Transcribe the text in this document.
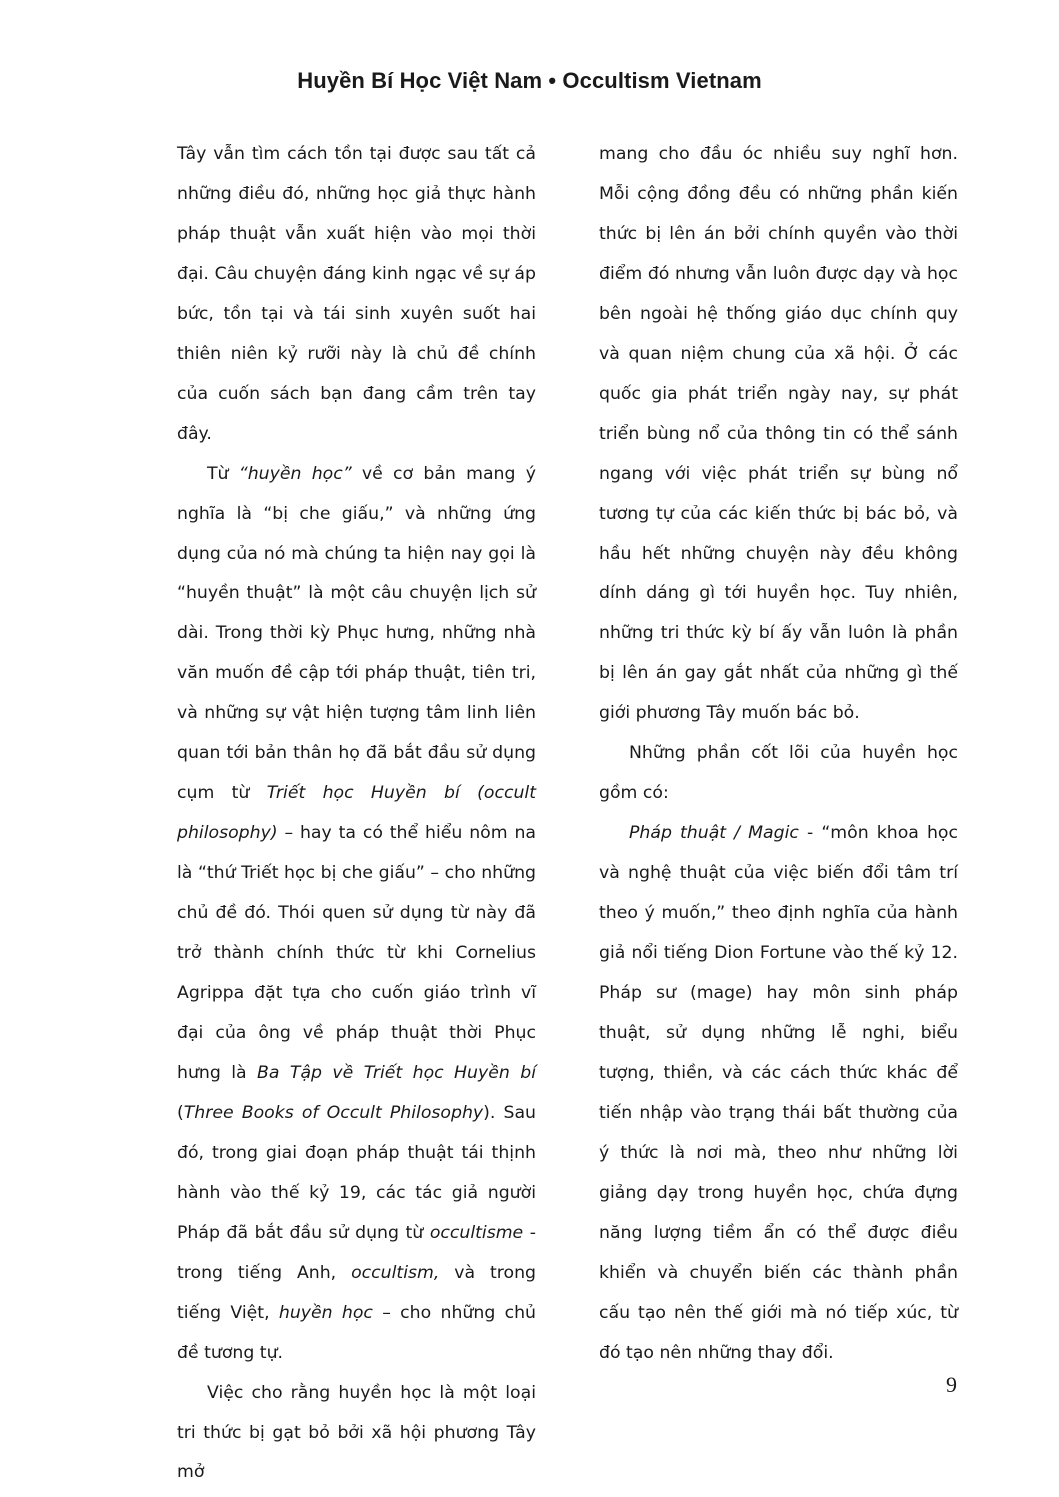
Huyền Bí Học Việt Nam • Occultism Vietnam

Tây vẫn tìm cách tồn tại được sau tất cả những điều đó, những học giả thực hành pháp thuật vẫn xuất hiện vào mọi thời đại. Câu chuyện đáng kinh ngạc về sự áp bức, tồn tại và tái sinh xuyên suốt hai thiên niên kỷ rưỡi này là chủ đề chính của cuốn sách bạn đang cầm trên tay đây.

Từ “huyền học” về cơ bản mang ý nghĩa là “bị che giấu,” và những ứng dụng của nó mà chúng ta hiện nay gọi là “huyền thuật” là một câu chuyện lịch sử dài. Trong thời kỳ Phục hưng, những nhà văn muốn đề cập tới pháp thuật, tiên tri, và những sự vật hiện tượng tâm linh liên quan tới bản thân họ đã bắt đầu sử dụng cụm từ Triết học Huyền bí (occult philosophy) – hay ta có thể hiểu nôm na là “thứ Triết học bị che giấu” – cho những chủ đề đó. Thói quen sử dụng từ này đã trở thành chính thức từ khi Cornelius Agrippa đặt tựa cho cuốn giáo trình vĩ đại của ông về pháp thuật thời Phục hưng là Ba Tập về Triết học Huyền bí (Three Books of Occult Philosophy). Sau đó, trong giai đoạn pháp thuật tái thịnh hành vào thế kỷ 19, các tác giả người Pháp đã bắt đầu sử dụng từ occultisme - trong tiếng Anh, occultism, và trong tiếng Việt, huyền học – cho những chủ đề tương tự.

Việc cho rằng huyền học là một loại tri thức bị gạt bỏ bởi xã hội phương Tây mở

mang cho đầu óc nhiều suy nghĩ hơn. Mỗi cộng đồng đều có những phần kiến thức bị lên án bởi chính quyền vào thời điểm đó nhưng vẫn luôn được dạy và học bên ngoài hệ thống giáo dục chính quy và quan niệm chung của xã hội. Ở các quốc gia phát triển ngày nay, sự phát triển bùng nổ của thông tin có thể sánh ngang với việc phát triển sự bùng nổ tương tự của các kiến thức bị bác bỏ, và hầu hết những chuyện này đều không dính dáng gì tới huyền học. Tuy nhiên, những tri thức kỳ bí ấy vẫn luôn là phần bị lên án gay gắt nhất của những gì thế giới phương Tây muốn bác bỏ.

Những phần cốt lõi của huyền học gồm có:

Pháp thuật / Magic - “môn khoa học và nghệ thuật của việc biến đổi tâm trí theo ý muốn,” theo định nghĩa của hành giả nổi tiếng Dion Fortune vào thế kỷ 12. Pháp sư (mage) hay môn sinh pháp thuật, sử dụng những lễ nghi, biểu tượng, thiền, và các cách thức khác để tiến nhập vào trạng thái bất thường của ý thức là nơi mà, theo như những lời giảng dạy trong huyền học, chứa đựng năng lượng tiềm ẩn có thể được điều khiển và chuyển biến các thành phần cấu tạo nên thế giới mà nó tiếp xúc, từ đó tạo nên những thay đổi.

9
